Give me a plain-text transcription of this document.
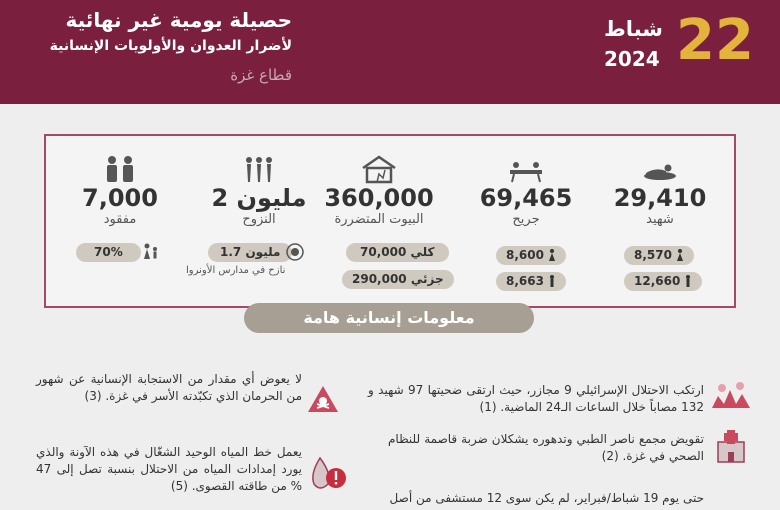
حصيلة يومية غير نهائية
لأضرار العدوان والأولويات الإنسانية
قطاع غزة
22
شباط
2024
29,410
شهيد
8,570
12,660
69,465
جريح
8,600
8,663
360,000
البيوت المتضررة
70,000 كلي
290,000 جزئي
2 مليون
النزوح
1.7 مليون
نازح في مدارس الأونروا
7,000
مفقود
70%
معلومات إنسانية هامة
ارتكب الاحتلال الإسرائيلي 9 مجازر، حيث ارتقى ضحيتها 97 شهيد و 132 مصاباً خلال الساعات الـ24 الماضية. (1)
تقويض مجمع ناصر الطبي وتدهوره يشكلان ضربة قاصمة للنظام الصحي في غزة. (2)
حتى يوم 19 شباط/فبراير، لم يكن سوى 12 مستشفى من أصل
لا يعوض أي مقدار من الاستجابة الإنسانية عن شهور من الحرمان الذي تكبّدته الأسر في غزة. (3)
يعمل خط المياه الوحيد الشغّال في هذه الآونة والذي يورد إمدادات المياه من الاحتلال بنسبة تصل إلى 47 % من طاقته القصوى. (5)
